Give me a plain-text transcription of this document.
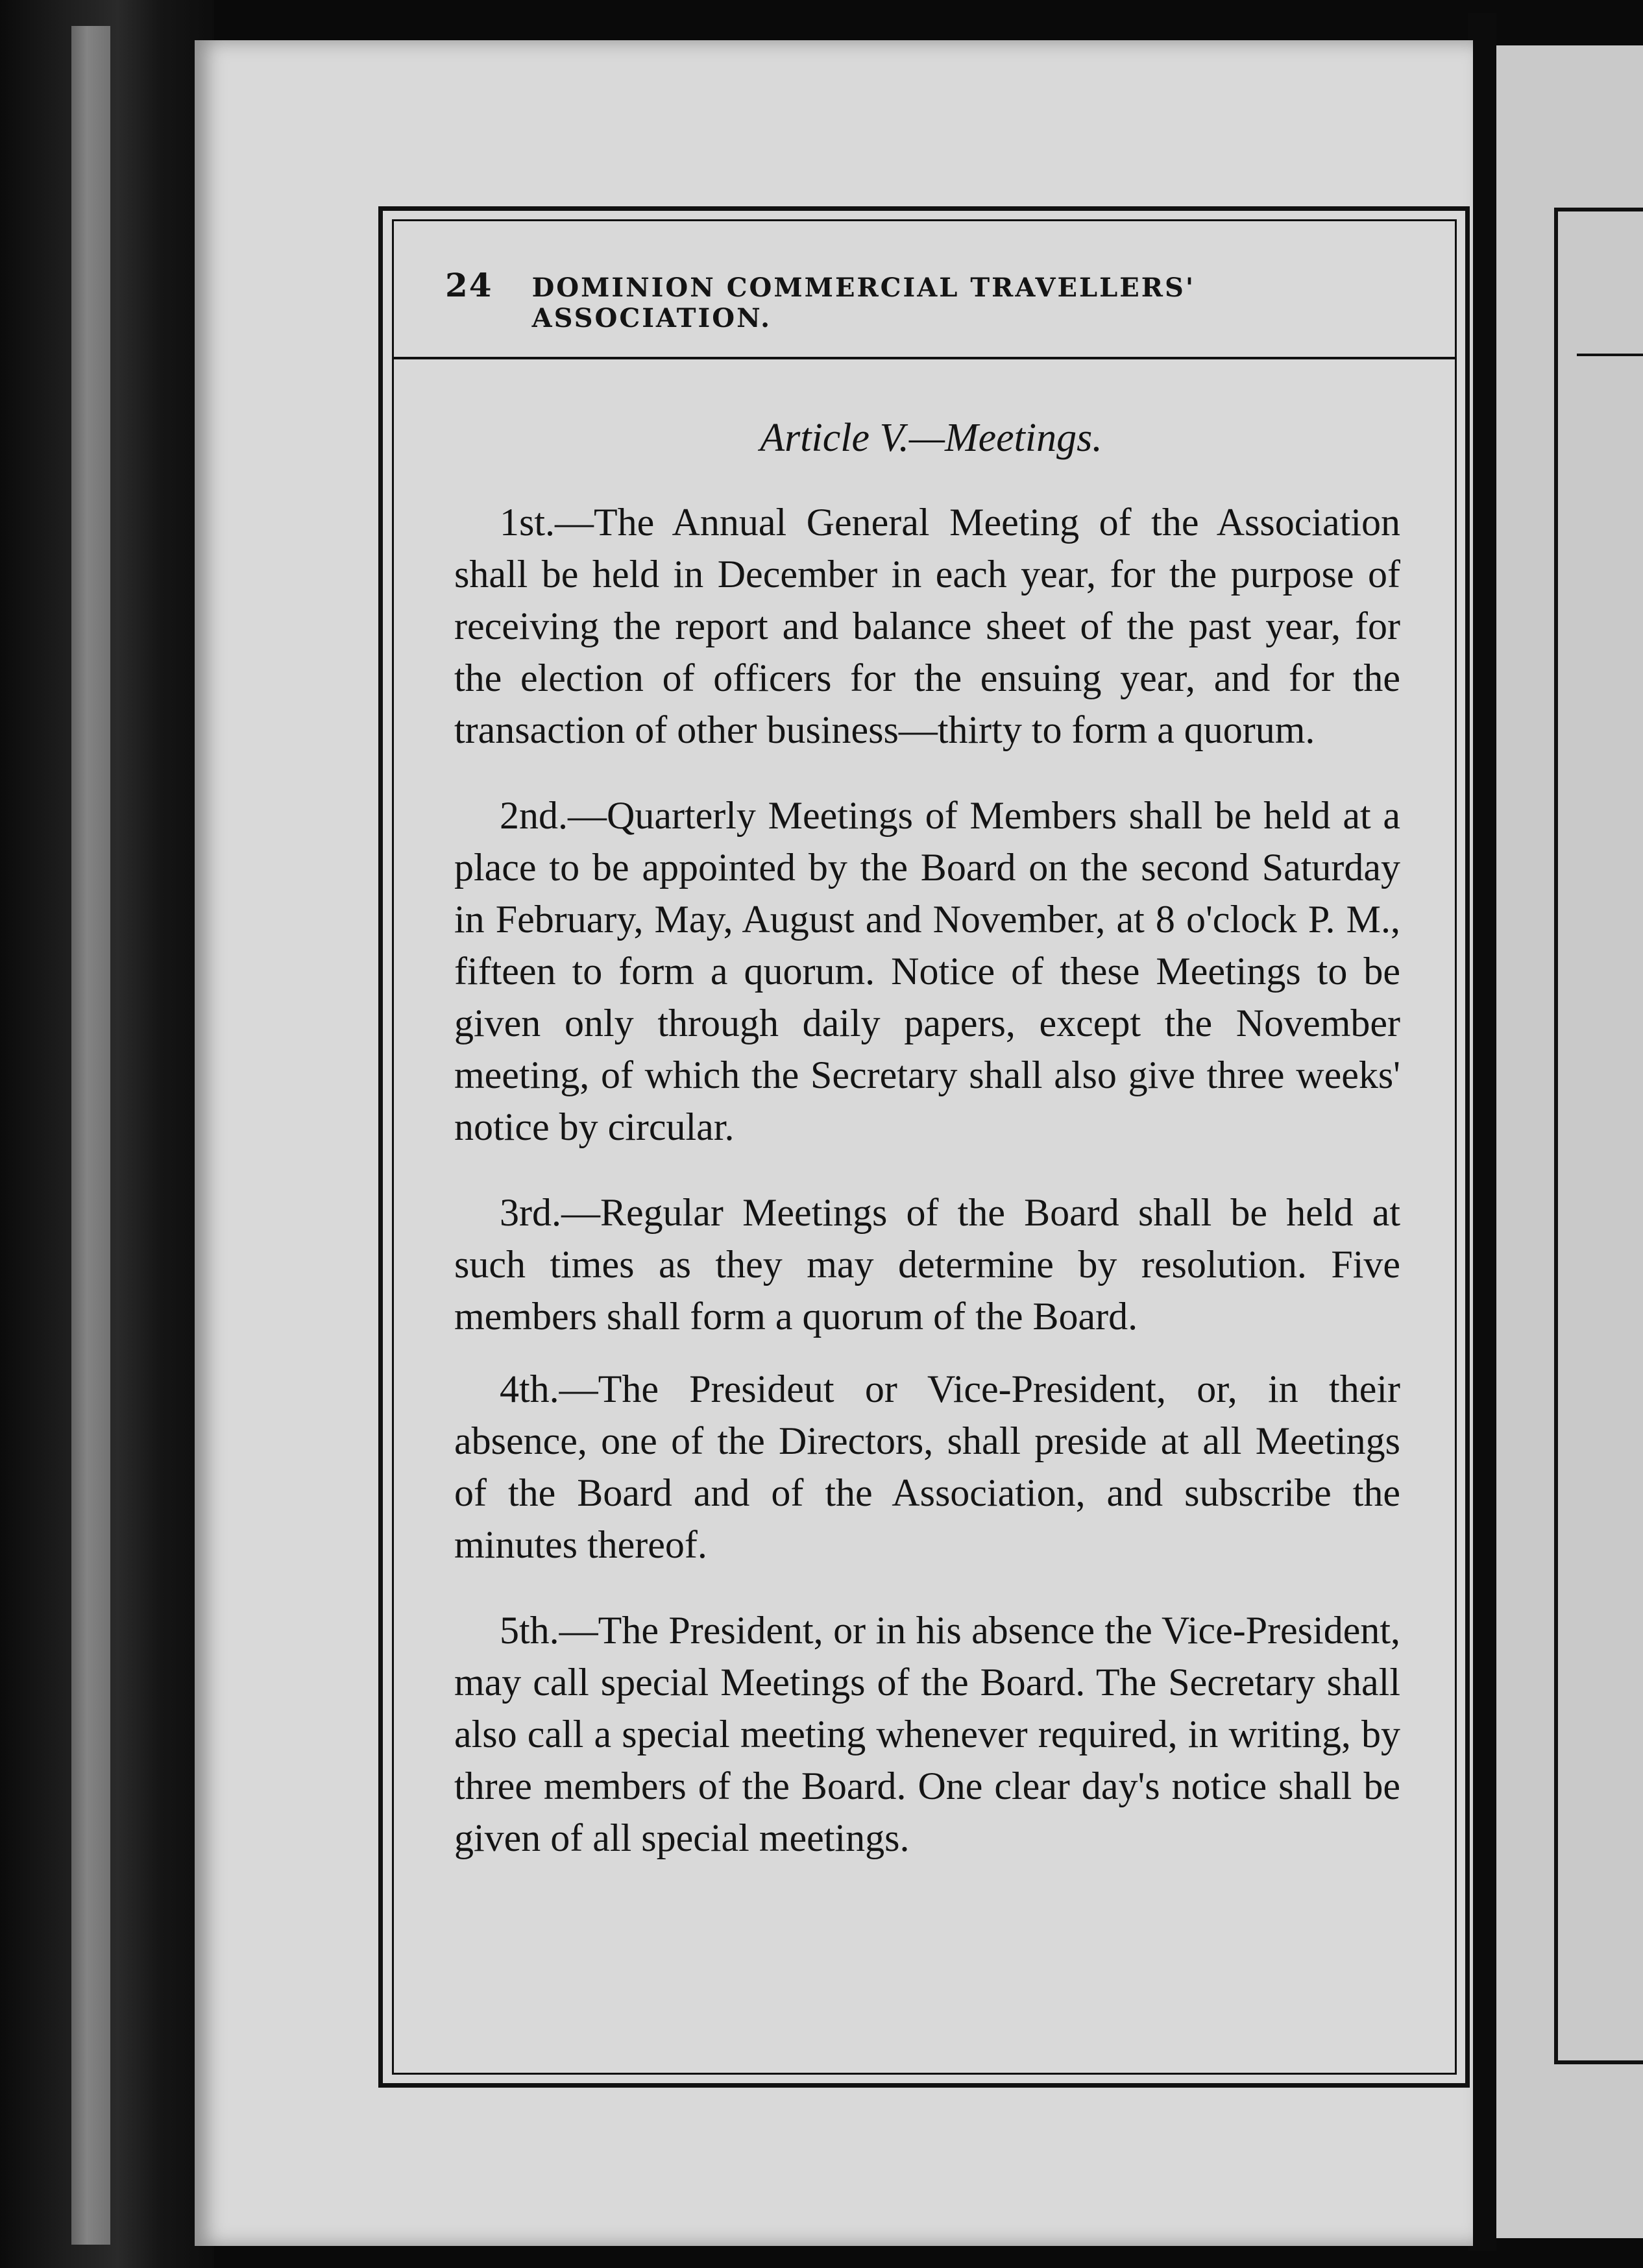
24 DOMINION COMMERCIAL TRAVELLERS' ASSOCIATION.
Article V.—Meetings.

1st.—The Annual General Meeting of the Association shall be held in December in each year, for the purpose of receiving the report and balance sheet of the past year, for the election of officers for the ensuing year, and for the transaction of other business—thirty to form a quorum.

2nd.—Quarterly Meetings of Members shall be held at a place to be appointed by the Board on the second Saturday in February, May, August and November, at 8 o'clock P. M., fifteen to form a quorum. Notice of these Meetings to be given only through daily papers, except the November meeting, of which the Secretary shall also give three weeks' notice by circular.

3rd.—Regular Meetings of the Board shall be held at such times as they may determine by resolution. Five members shall form a quorum of the Board.

4th.—The Presideut or Vice-President, or, in their absence, one of the Directors, shall preside at all Meetings of the Board and of the Association, and subscribe the minutes thereof.

5th.—The President, or in his absence the Vice-President, may call special Meetings of the Board. The Secretary shall also call a special meeting whenever required, in writing, by three members of the Board. One clear day's notice shall be given of all special meetings.
